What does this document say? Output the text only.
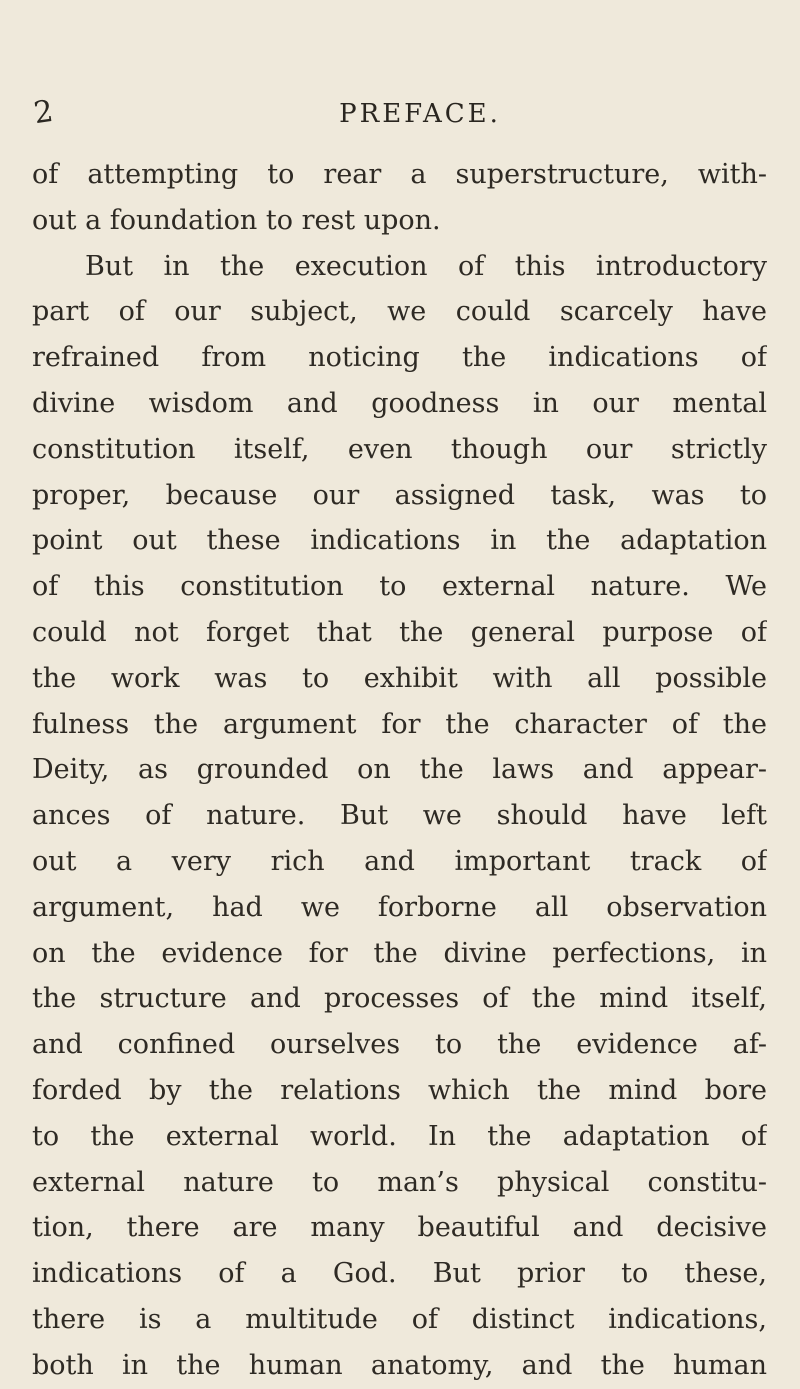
2	PREFACE.
of attempting to rear a superstructure, with-
out a foundation to rest upon.
But in the execution of this introductory
part of our subject, we could scarcely have
refrained from noticing the indications of
divine wisdom and goodness in our mental
constitution itself, even though our strictly
proper, because our assigned task, was to
point out these indications in the adaptation
of this constitution to external nature. We
could not forget that the general purpose of
the work was to exhibit with all possible
fulness the argument for the character of the
Deity, as grounded on the laws and appear-
ances of nature. But we should have left
out a very rich and important track of
argument, had we forborne all observation
on the evidence for the divine perfections, in
the structure and processes of the mind itself,
and confined ourselves to the evidence af-
forded by the relations which the mind bore
to the external world. In the adaptation of
external nature to man’s physical constitu-
tion, there are many beautiful and decisive
indications of a God. But prior to these,
there is a multitude of distinct indications,
both in the human anatomy, and the human
